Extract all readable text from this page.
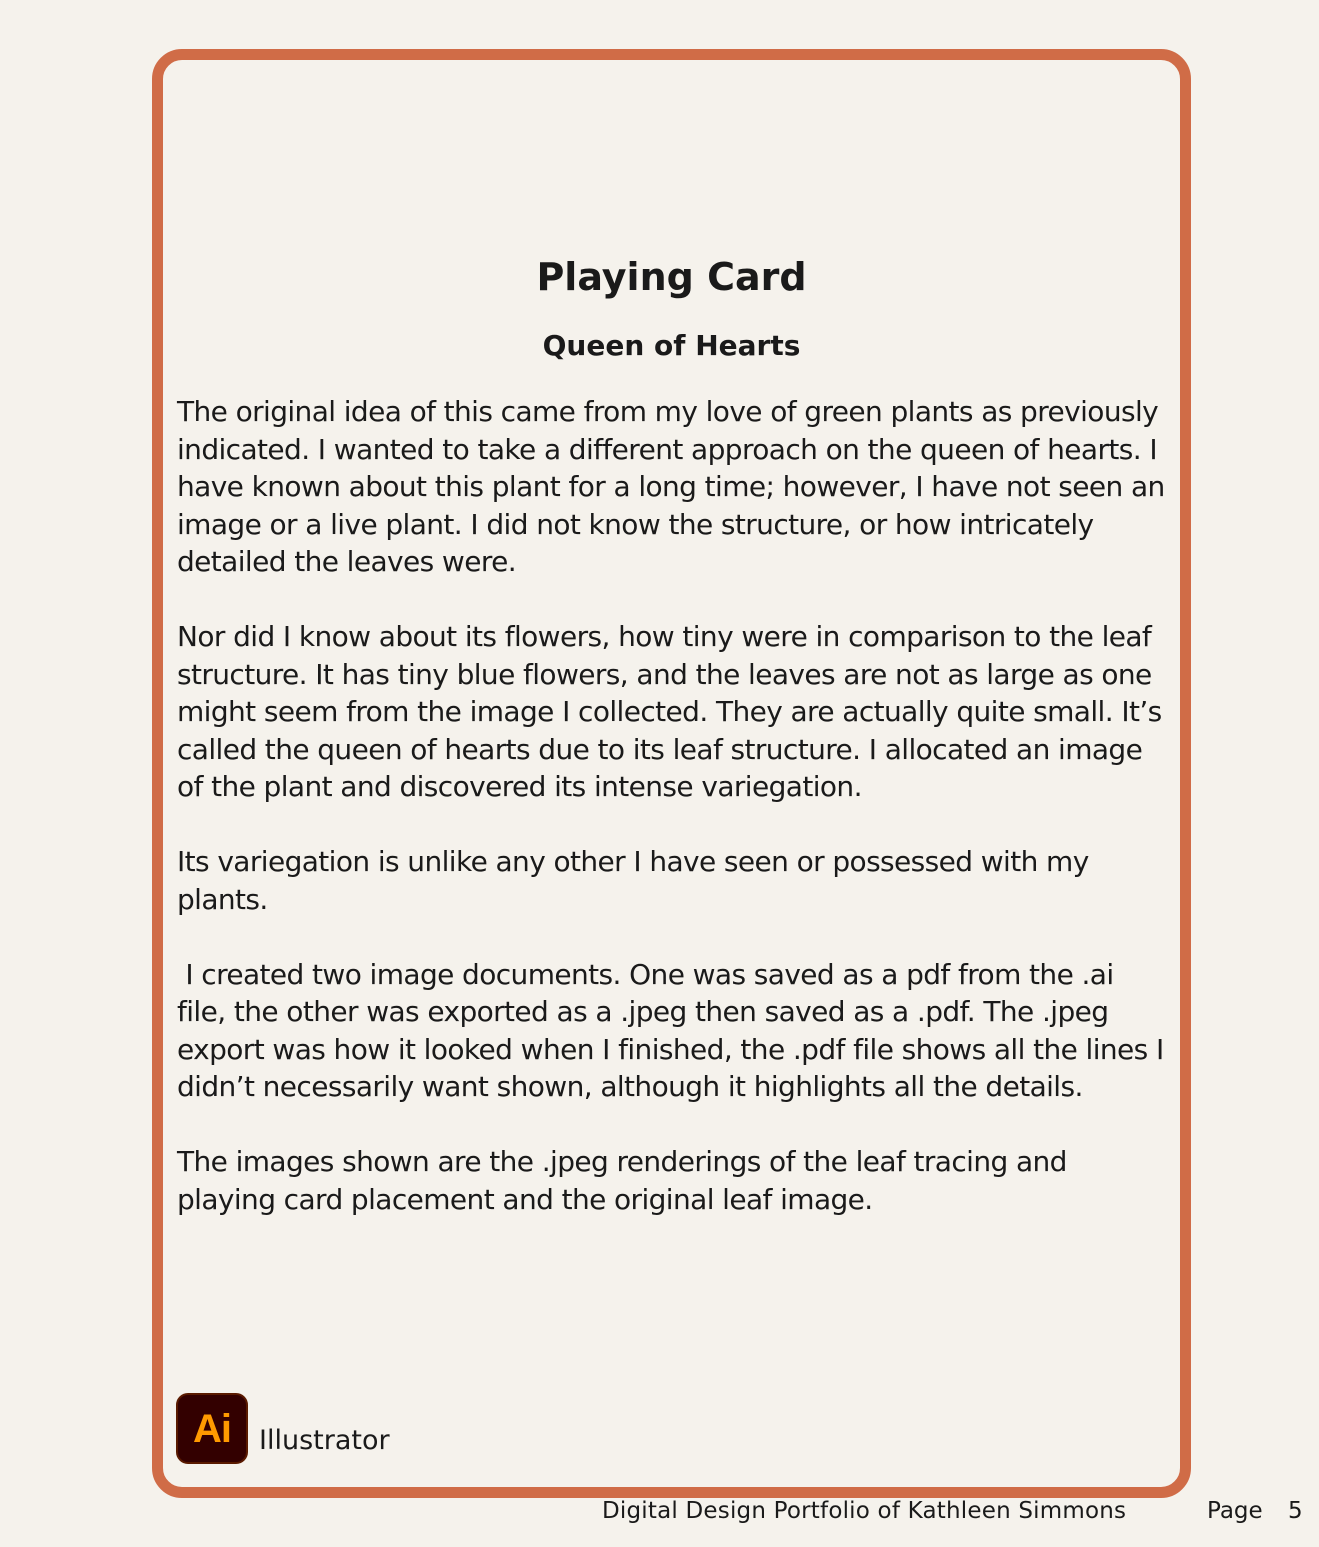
Playing Card
Queen of Hearts

The original idea of this came from my love of green plants as previously indicated. I wanted to take a different approach on the queen of hearts. I have known about this plant for a long time; however, I have not seen an image or a live plant. I did not know the structure, or how intricately detailed the leaves were.

Nor did I know about its flowers, how tiny were in comparison to the leaf structure. It has tiny blue flowers, and the leaves are not as large as one might seem from the image I collected. They are actually quite small. It’s called the queen of hearts due to its leaf structure. I allocated an image of the plant and discovered its intense variegation.

Its variegation is unlike any other I have seen or possessed with my plants.

I created two image documents. One was saved as a pdf from the .ai file, the other was exported as a .jpeg then saved as a .pdf. The .jpeg export was how it looked when I finished, the .pdf file shows all the lines I didn’t necessarily want shown, although it highlights all the details.

The images shown are the .jpeg renderings of the leaf tracing and playing card placement and the original leaf image.

Ai Illustrator
Digital Design Portfolio of Kathleen Simmons	Page 5
